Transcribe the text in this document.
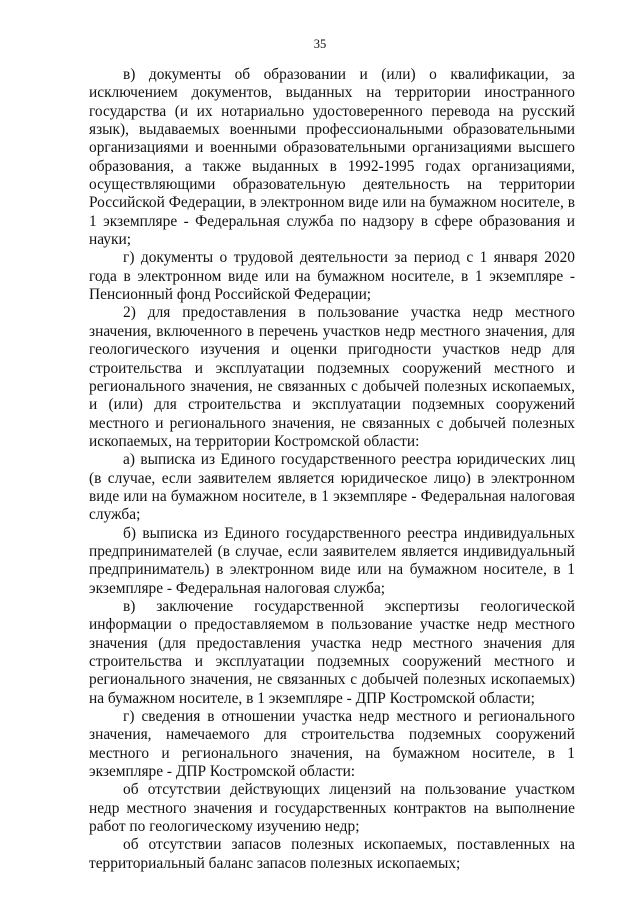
35

в) документы об образовании и (или) о квалификации, за исключением документов, выданных на территории иностранного государства (и их нотариально удостоверенного перевода на русский язык), выдаваемых военными профессиональными образовательными организациями и военными образовательными организациями высшего образования, а также выданных в 1992-1995 годах организациями, осуществляющими образовательную деятельность на территории Российской Федерации, в электронном виде или на бумажном носителе, в 1 экземпляре - Федеральная служба по надзору в сфере образования и науки;

г) документы о трудовой деятельности за период с 1 января 2020 года в электронном виде или на бумажном носителе, в 1 экземпляре - Пенсионный фонд Российской Федерации;

2) для предоставления в пользование участка недр местного значения, включенного в перечень участков недр местного значения, для геологического изучения и оценки пригодности участков недр для строительства и эксплуатации подземных сооружений местного и регионального значения, не связанных с добычей полезных ископаемых, и (или) для строительства и эксплуатации подземных сооружений местного и регионального значения, не связанных с добычей полезных ископаемых, на территории Костромской области:

а) выписка из Единого государственного реестра юридических лиц (в случае, если заявителем является юридическое лицо) в электронном виде или на бумажном носителе, в 1 экземпляре - Федеральная налоговая служба;

б) выписка из Единого государственного реестра индивидуальных предпринимателей (в случае, если заявителем является индивидуальный предприниматель) в электронном виде или на бумажном носителе, в 1 экземпляре - Федеральная налоговая служба;

в) заключение государственной экспертизы геологической информации о предоставляемом в пользование участке недр местного значения (для предоставления участка недр местного значения для строительства и эксплуатации подземных сооружений местного и регионального значения, не связанных с добычей полезных ископаемых) на бумажном носителе, в 1 экземпляре - ДПР Костромской области;

г) сведения в отношении участка недр местного и регионального значения, намечаемого для строительства подземных сооружений местного и регионального значения, на бумажном носителе, в 1 экземпляре - ДПР Костромской области:

об отсутствии действующих лицензий на пользование участком недр местного значения и государственных контрактов на выполнение работ по геологическому изучению недр;

об отсутствии запасов полезных ископаемых, поставленных на территориальный баланс запасов полезных ископаемых;
